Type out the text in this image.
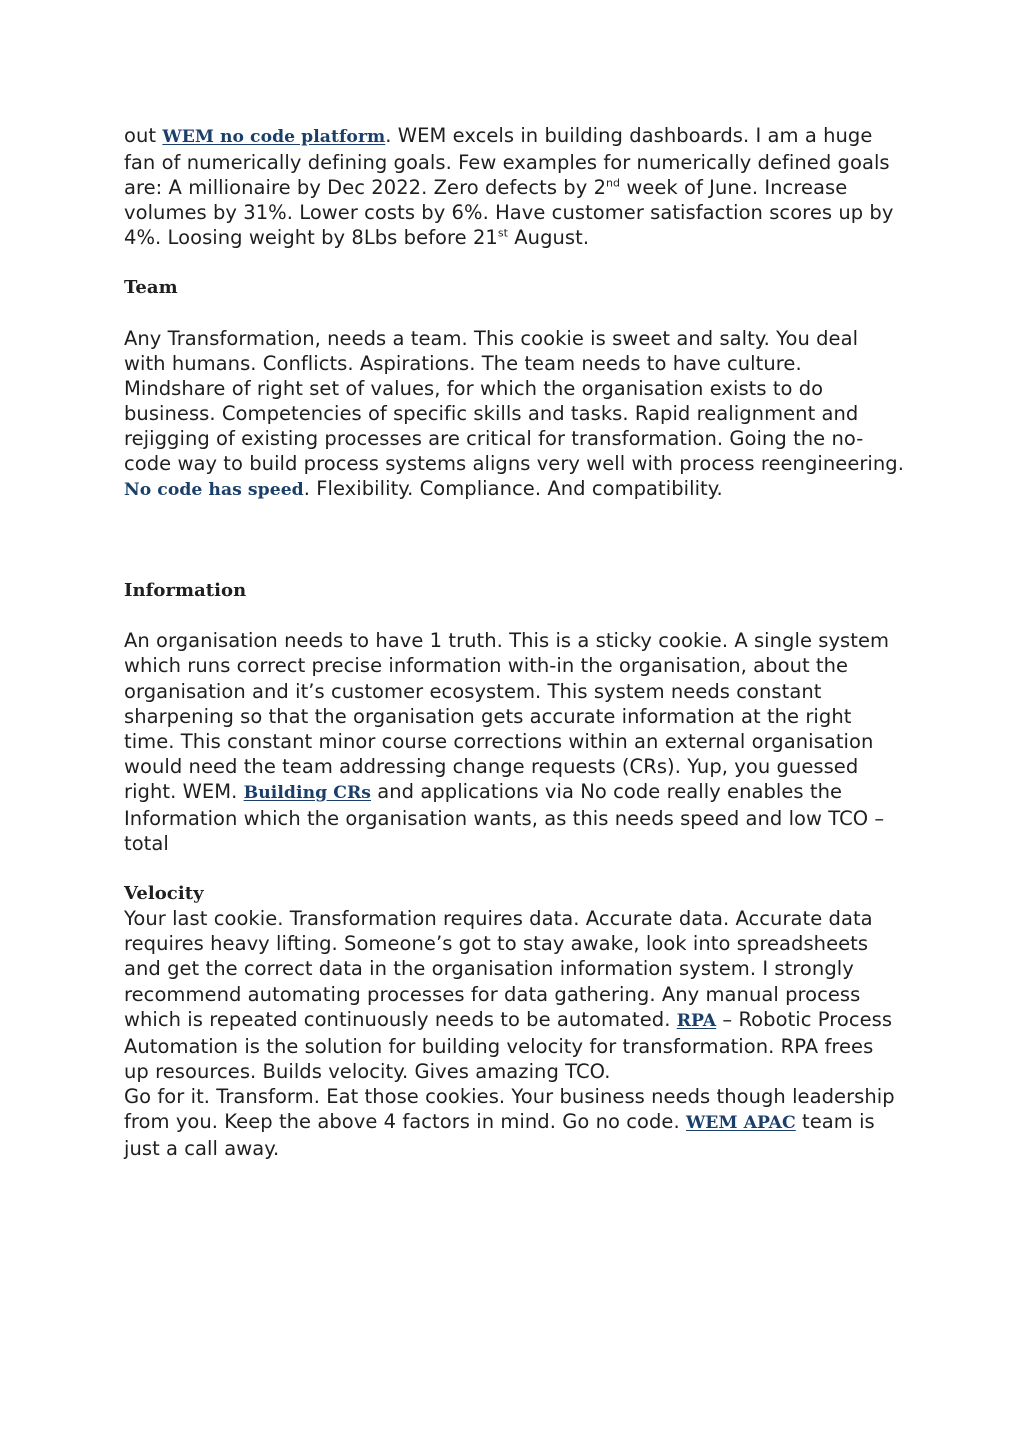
out WEM no code platform. WEM excels in building dashboards. I am a huge fan of numerically defining goals. Few examples for numerically defined goals are: A millionaire by Dec 2022. Zero defects by 2nd week of June. Increase volumes by 31%. Lower costs by 6%. Have customer satisfaction scores up by 4%. Loosing weight by 8Lbs before 21st August.

Team

Any Transformation, needs a team. This cookie is sweet and salty. You deal with humans. Conflicts. Aspirations. The team needs to have culture. Mindshare of right set of values, for which the organisation exists to do business. Competencies of specific skills and tasks. Rapid realignment and rejigging of existing processes are critical for transformation. Going the no-code way to build process systems aligns very well with process reengineering. No code has speed. Flexibility. Compliance. And compatibility.

Information

An organisation needs to have 1 truth. This is a sticky cookie. A single system which runs correct precise information with-in the organisation, about the organisation and it’s customer ecosystem. This system needs constant sharpening so that the organisation gets accurate information at the right time. This constant minor course corrections within an external organisation would need the team addressing change requests (CRs). Yup, you guessed right. WEM. Building CRs and applications via No code really enables the Information which the organisation wants, as this needs speed and low TCO – total

Velocity

Your last cookie. Transformation requires data. Accurate data. Accurate data requires heavy lifting. Someone’s got to stay awake, look into spreadsheets and get the correct data in the organisation information system. I strongly recommend automating processes for data gathering. Any manual process which is repeated continuously needs to be automated. RPA – Robotic Process Automation is the solution for building velocity for transformation. RPA frees up resources. Builds velocity. Gives amazing TCO.

Go for it. Transform. Eat those cookies. Your business needs though leadership from you. Keep the above 4 factors in mind. Go no code. WEM APAC team is just a call away.
